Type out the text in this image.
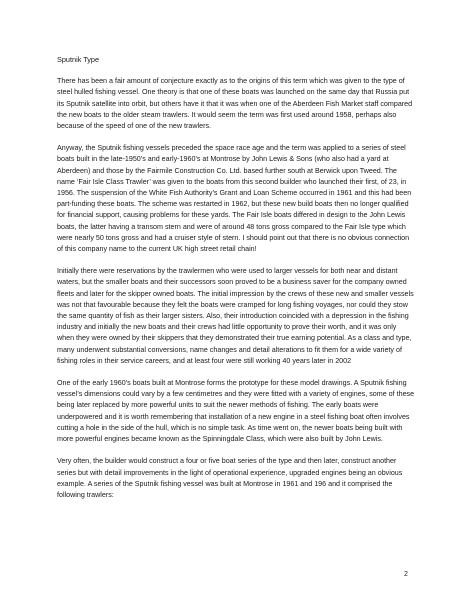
Sputnik Type

There has been a fair amount of conjecture exactly as to the origins of this term which was given to the type of steel hulled fishing vessel. One theory is that one of these boats was launched on the same day that Russia put its Sputnik satellite into orbit, but others have it that it was when one of the Aberdeen Fish Market staff compared the new boats to the older steam trawlers. It would seem the term was first used around 1958, perhaps also because of the speed of one of the new trawlers.

Anyway, the Sputnik fishing vessels preceded the space race age and the term was applied to a series of steel boats built in the late-1950’s and early-1960’s at Montrose by John Lewis & Sons (who also had a yard at Aberdeen) and those by the Fairmile Construction Co. Ltd. based further south at Berwick upon Tweed. The name ‘Fair Isle Class Trawler’ was given to the boats from this second builder who launched their first, of 23, in 1956. The suspension of the White Fish Authority’s Grant and Loan Scheme occurred in 1961 and this had been part-funding these boats. The scheme was restarted in 1962, but these new build boats then no longer qualified for financial support, causing problems for these yards. The Fair Isle boats differed in design to the John Lewis boats, the latter having a transom stern and were of around 48 tons gross compared to the Fair Isle type which were nearly 50 tons gross and had a cruiser style of stern. I should point out that there is no obvious connection of this company name to the current UK high street retail chain!

Initially there were reservations by the trawlermen who were used to larger vessels for both near and distant waters, but the smaller boats and their successors soon proved to be a business saver for the company owned fleets and later for the skipper owned boats. The initial impression by the crews of these new and smaller vessels was not that favourable because they felt the boats were cramped for long fishing voyages, nor could they stow the same quantity of fish as their larger sisters. Also, their introduction coincided with a depression in the fishing industry and initially the new boats and their crews had little opportunity to prove their worth, and it was only when they were owned by their skippers that they demonstrated their true earning potential. As a class and type, many underwent substantial conversions, name changes and detail alterations to fit them for a wide variety of fishing roles in their service careers, and at least four were still working 40 years later in 2002

One of the early 1960’s boats built at Montrose forms the prototype for these model drawings. A Sputnik fishing vessel’s dimensions could vary by a few centimetres and they were fitted with a variety of engines, some of these being later replaced by more powerful units to suit the newer methods of fishing. The early boats were underpowered and it is worth remembering that installation of a new engine in a steel fishing boat often involves cutting a hole in the side of the hull, which is no simple task. As time went on, the newer boats being built with more powerful engines became known as the Spinningdale Class, which were also built by John Lewis.

Very often, the builder would construct a four or five boat series of the type and then later, construct another series but with detail improvements in the light of operational experience, upgraded engines being an obvious example. A series of the Sputnik fishing vessel was built at Montrose in 1961 and 196 and it comprised the following trawlers:

2
